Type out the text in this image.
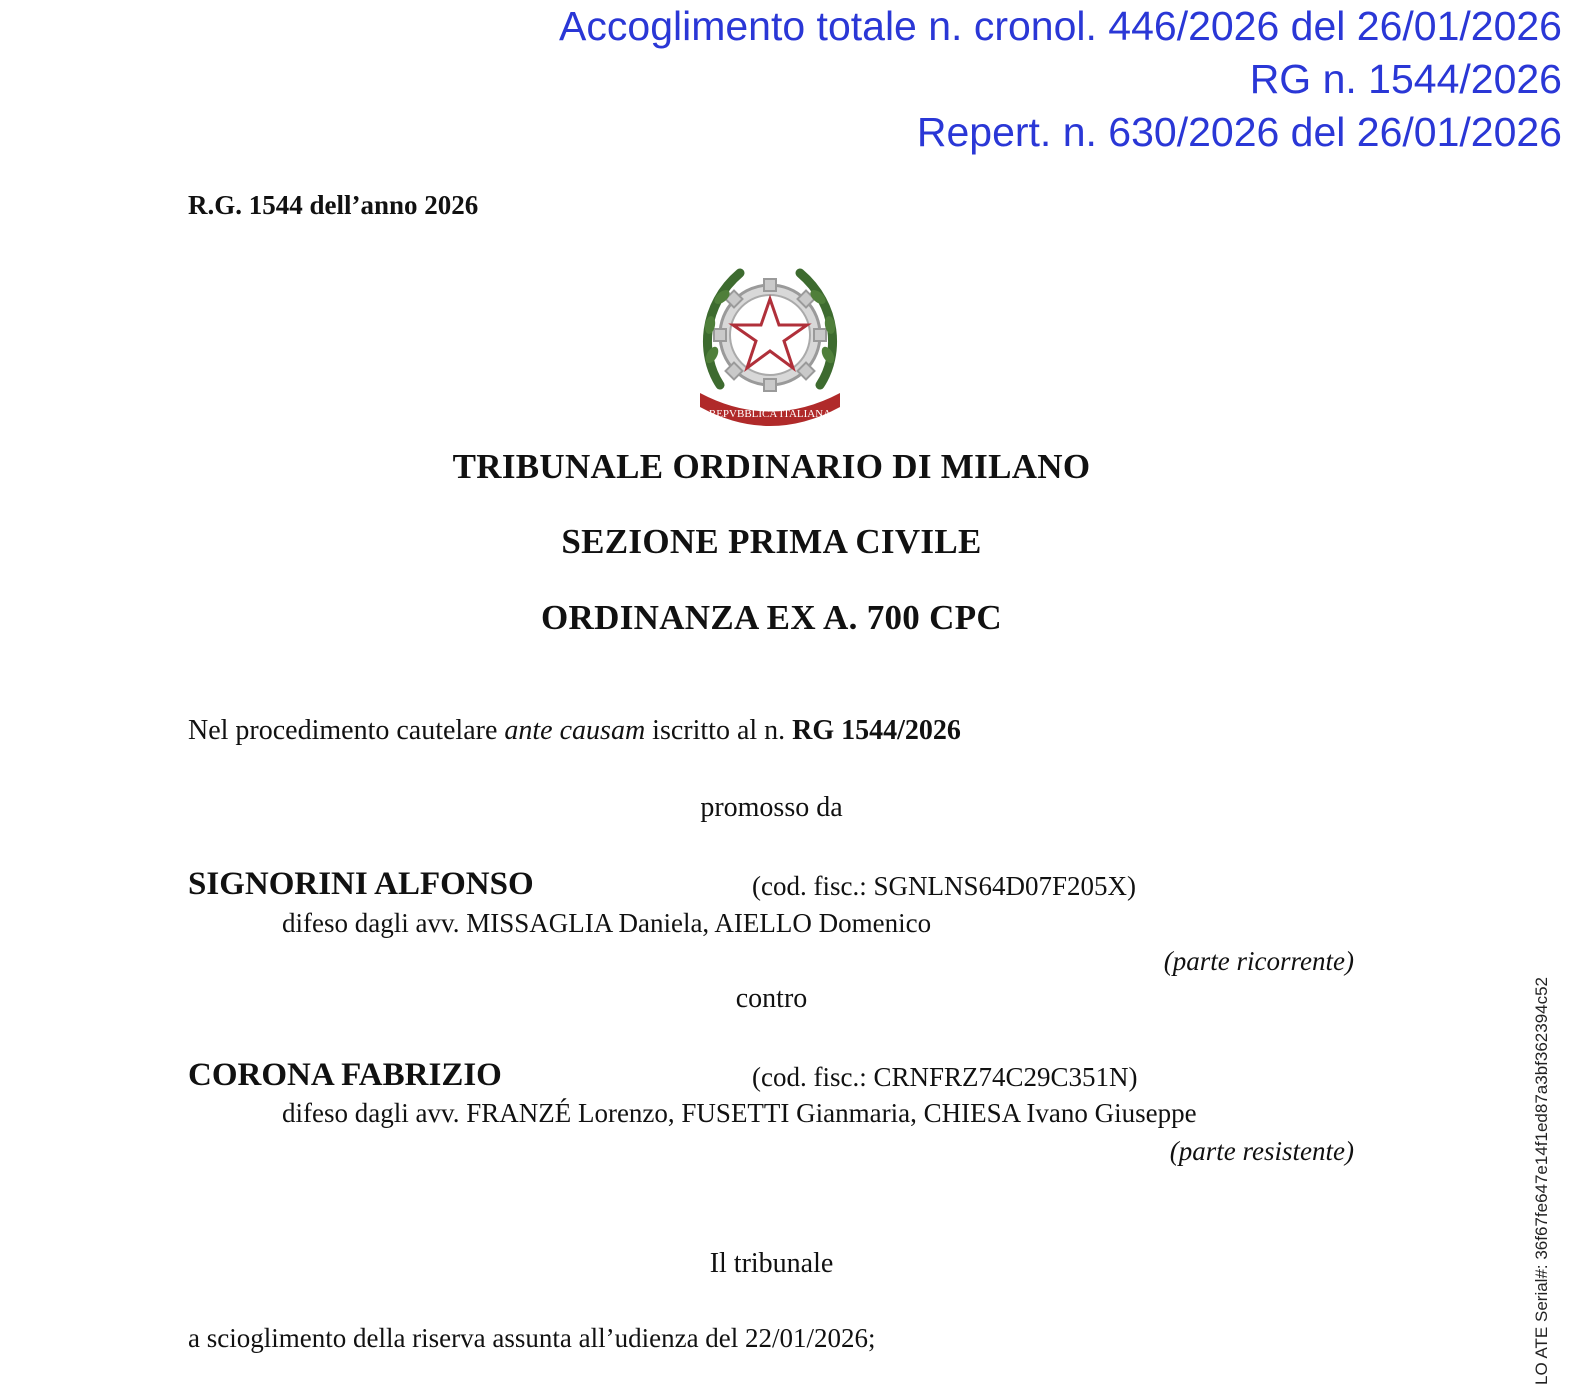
Accoglimento totale n. cronol. 446/2026 del 26/01/2026
RG n. 1544/2026
Repert. n. 630/2026 del 26/01/2026
R.G. 1544 dell’anno 2026
REPVBBLICA ITALIANA
TRIBUNALE ORDINARIO DI MILANO
SEZIONE PRIMA CIVILE
ORDINANZA EX A. 700 CPC
Nel procedimento cautelare ante causam iscritto al n. RG 1544/2026
promosso da
SIGNORINI ALFONSO	(cod. fisc.: SGNLNS64D07F205X)
difeso dagli avv. MISSAGLIA Daniela, AIELLO Domenico
(parte ricorrente)
contro
CORONA FABRIZIO	(cod. fisc.: CRNFRZ74C29C351N)
difeso dagli avv. FRANZÉ Lorenzo, FUSETTI Gianmaria, CHIESA Ivano Giuseppe
(parte resistente)
Il tribunale
a scioglimento della riserva assunta all’udienza del 22/01/2026;	LO ATE Serial#: 36f67fe647e14f1ed87a3bf362394c52
